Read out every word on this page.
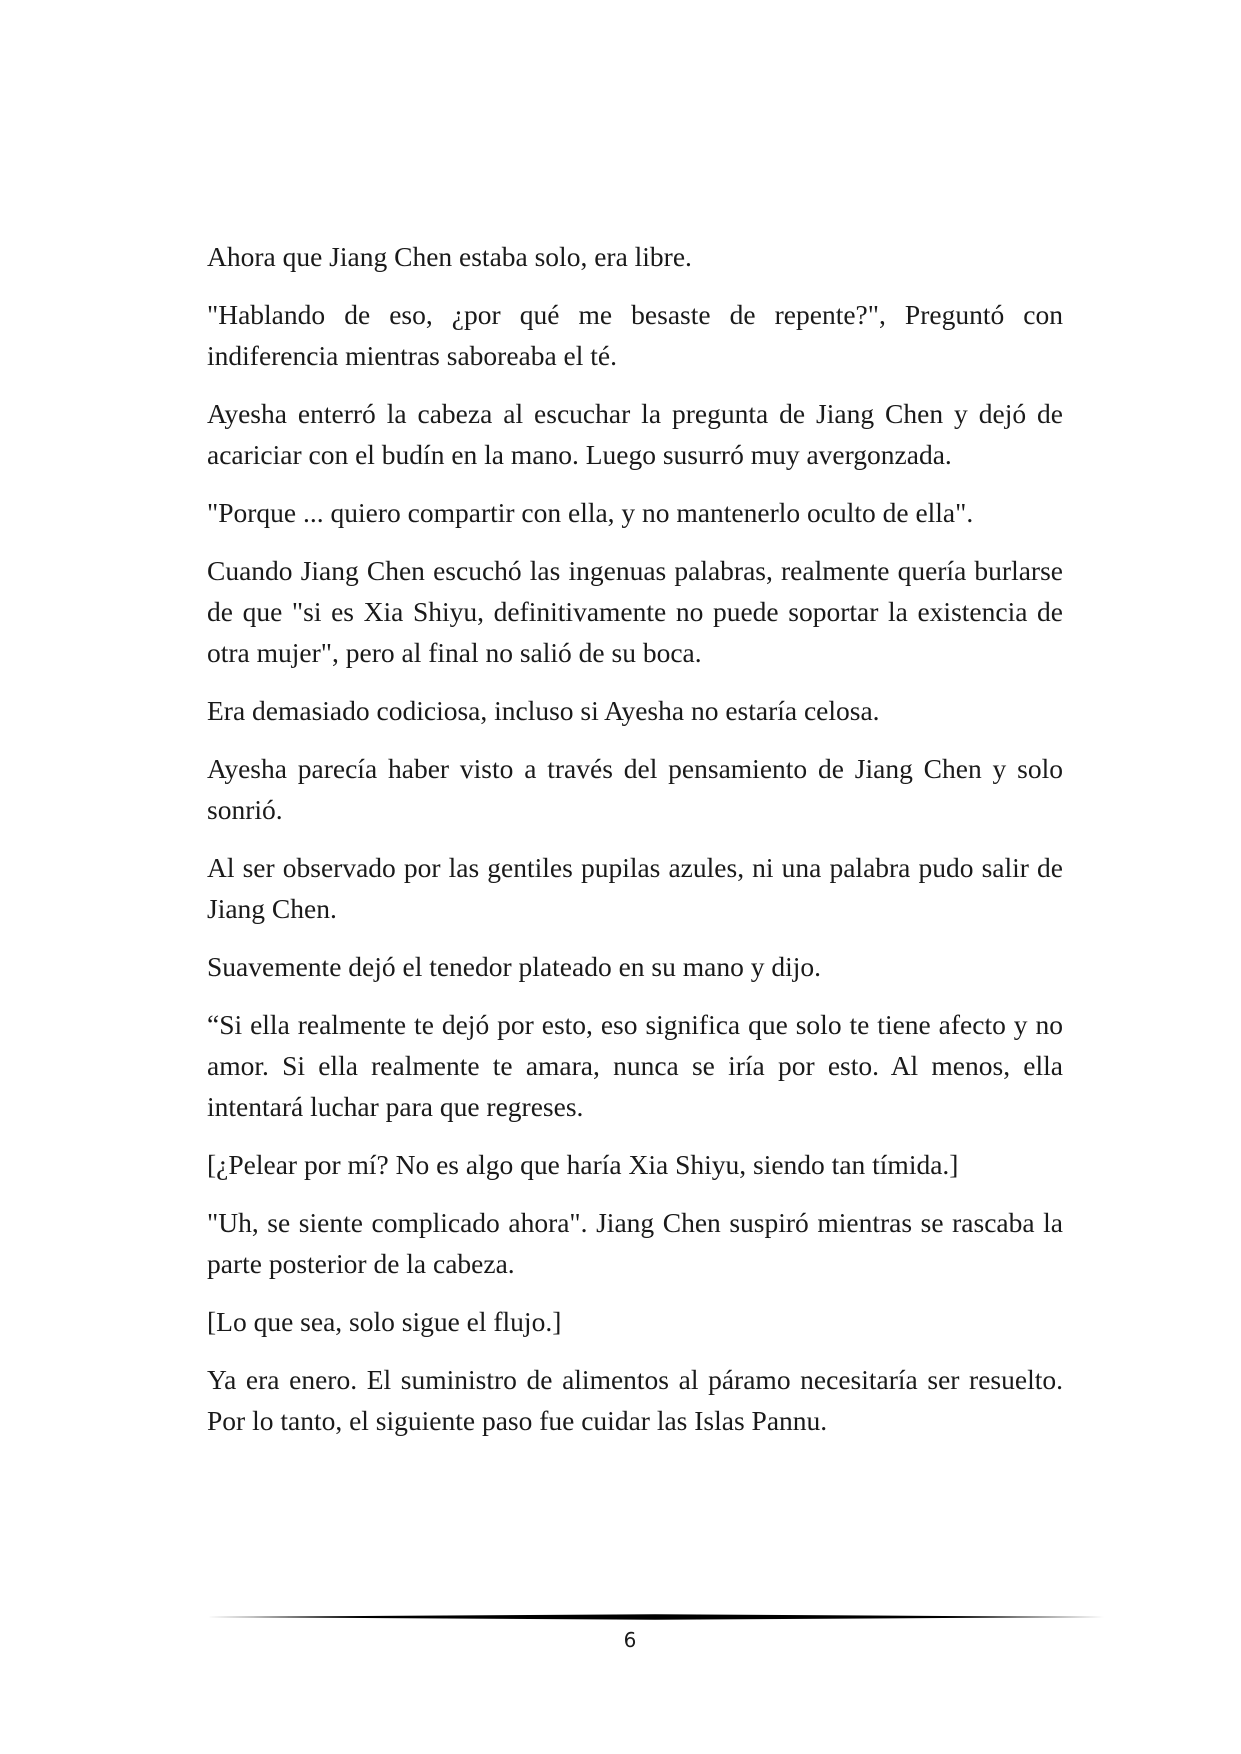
Ahora que Jiang Chen estaba solo, era libre.

"Hablando de eso, ¿por qué me besaste de repente?", Preguntó con indiferencia mientras saboreaba el té.

Ayesha enterró la cabeza al escuchar la pregunta de Jiang Chen y dejó de acariciar con el budín en la mano. Luego susurró muy avergonzada.

"Porque ... quiero compartir con ella, y no mantenerlo oculto de ella".

Cuando Jiang Chen escuchó las ingenuas palabras, realmente quería burlarse de que "si es Xia Shiyu, definitivamente no puede soportar la existencia de otra mujer", pero al final no salió de su boca.

Era demasiado codiciosa, incluso si Ayesha no estaría celosa.

Ayesha parecía haber visto a través del pensamiento de Jiang Chen y solo sonrió.

Al ser observado por las gentiles pupilas azules, ni una palabra pudo salir de Jiang Chen.

Suavemente dejó el tenedor plateado en su mano y dijo.

“Si ella realmente te dejó por esto, eso significa que solo te tiene afecto y no amor. Si ella realmente te amara, nunca se iría por esto. Al menos, ella intentará luchar para que regreses.

[¿Pelear por mí? No es algo que haría Xia Shiyu, siendo tan tímida.]

"Uh, se siente complicado ahora". Jiang Chen suspiró mientras se rascaba la parte posterior de la cabeza.

[Lo que sea, solo sigue el flujo.]

Ya era enero. El suministro de alimentos al páramo necesitaría ser resuelto. Por lo tanto, el siguiente paso fue cuidar las Islas Pannu.

6
